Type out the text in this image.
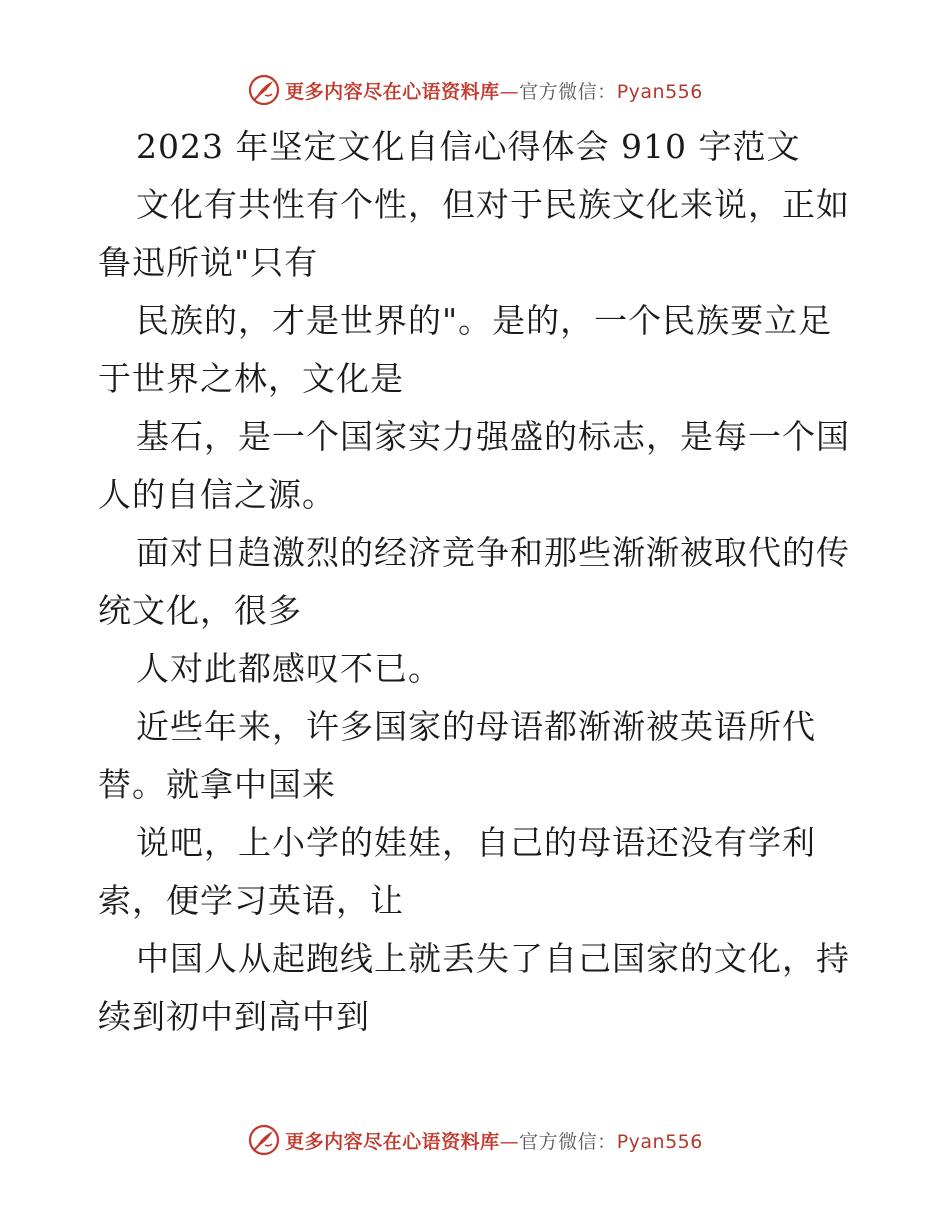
更多内容尽在心语资料库—官方微信：Pyan556
2023 年坚定文化自信心得体会 910 字范文
文化有共性有个性，但对于民族文化来说，正如
鲁迅所说"只有
民族的，才是世界的"。是的，一个民族要立足
于世界之林，文化是
基石，是一个国家实力强盛的标志，是每一个国
人的自信之源。
面对日趋激烈的经济竞争和那些渐渐被取代的传
统文化，很多
人对此都感叹不已。
近些年来，许多国家的母语都渐渐被英语所代
替。就拿中国来
说吧，上小学的娃娃，自己的母语还没有学利
索，便学习英语，让
中国人从起跑线上就丢失了自己国家的文化，持
续到初中到高中到
更多内容尽在心语资料库—官方微信：Pyan556
